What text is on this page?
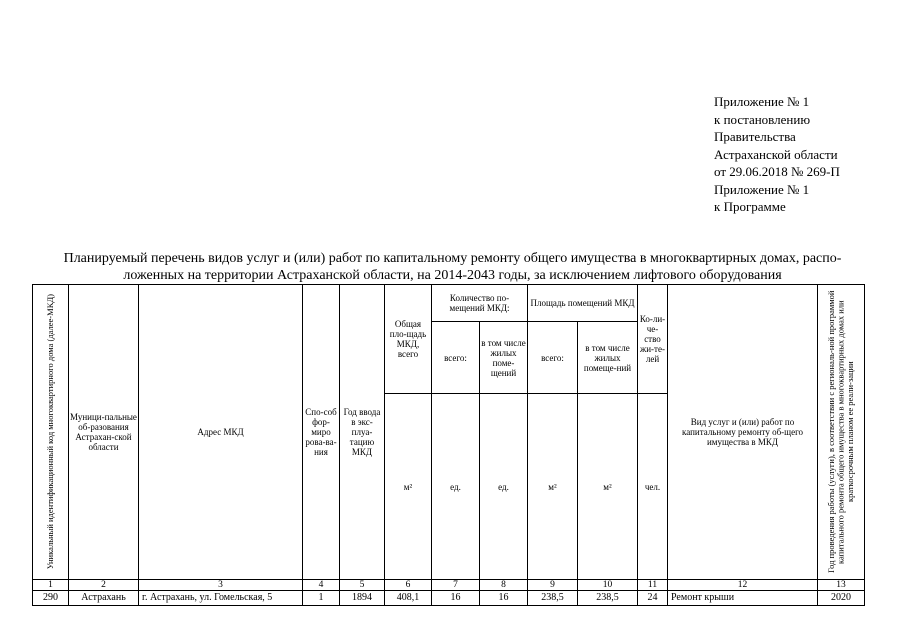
Приложение № 1
к постановлению
Правительства
Астраханской области
от 29.06.2018 № 269-П
Приложение № 1
к Программе
Планируемый перечень видов услуг и (или) работ по капитальному ремонту общего имущества в многоквартирных домах, распо-
ложенных на территории Астраханской области, на 2014-2043 годы, за исключением лифтового оборудования
Уникальный идентификационный код многоквартирного дома (далее-МКД)	Муници-пальные об-разования Астрахан-ской области	Адрес МКД	Спо-соб фор-миро рова-ва-ния	Год ввода в экс-плуа-тацию МКД	Общая пло-щадь МКД, всего	Количество по-мещений МКД:		Площадь помещений МКД		Ко-ли-че-ство жи-те-лей	Вид услуг и (или) работ по капитальному ремонту об-щего имущества в МКД	Год проведения работы (услуги), в соответствии с региональ-ной программой капитального ремонта общего имущества в многоквартирных домах или краткосрочным планом ее реали-зации

						всего:	в том числе жилых поме-щений	всего:	в том числе жилых помеще-ний			
					м²	ед.	ед.	м²	м²	чел.		
1	2	3	4	5	6	7	8	9	10	11	12	13
290	Астрахань	г. Астрахань, ул. Гомельская, 5	1	1894	408,1	16	16	238,5	238,5	24	Ремонт крыши	2020
